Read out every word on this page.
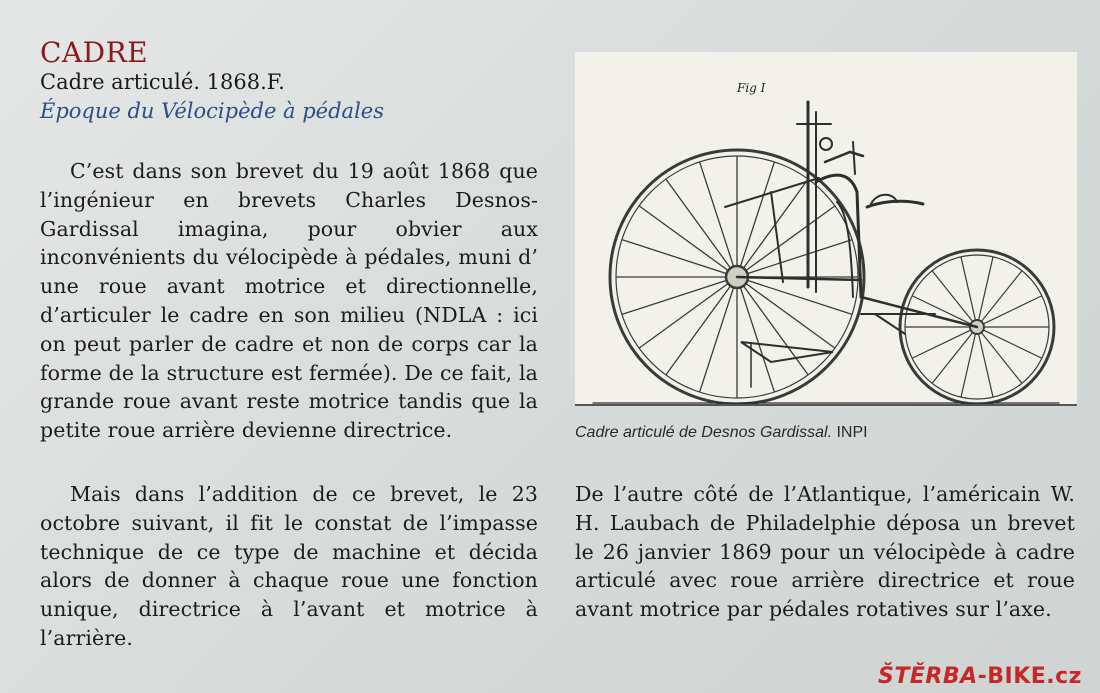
CADRE
Cadre articulé. 1868.F.
Époque du Vélocipède à pédales

C’est dans son brevet du 19 août 1868 que l’ingénieur en brevets Charles Desnos-Gardissal imagina, pour obvier aux inconvénients du vélocipède à pédales, muni d’ une roue avant motrice et directionnelle, d’articuler le cadre en son milieu (NDLA : ici on peut parler de cadre et non de corps car la forme de la structure est fermée). De ce fait, la grande roue avant reste motrice tandis que la petite roue arrière devienne directrice.

Mais dans l’addition de ce brevet, le 23 octobre suivant, il fit le constat de l’impasse technique de ce type de machine et décida alors de donner à chaque roue une fonction unique, directrice à l’avant et motrice à l’arrière.

De l’autre côté de l’Atlantique, l’américain W. H. Laubach de Philadelphie déposa un brevet le 26 janvier 1869 pour un vélocipède à cadre articulé avec roue arrière directrice et roue avant motrice par pédales rotatives sur l’axe.

Fig I
Cadre articulé de Desnos Gardissal. INPI
ŠTĚRBA-BIKE.cz
